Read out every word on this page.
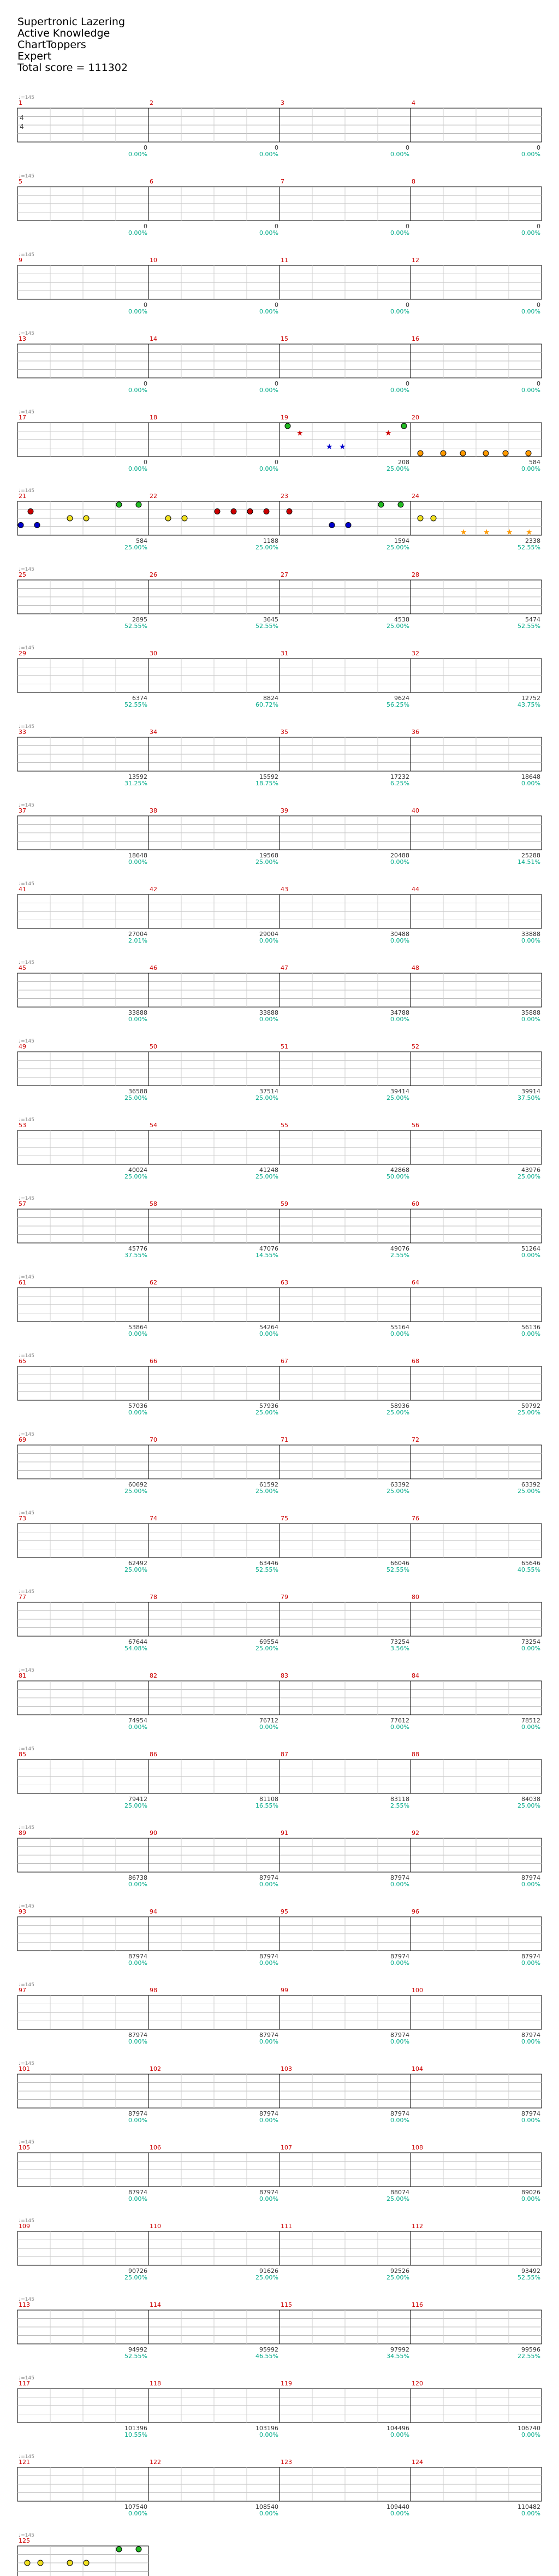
Supertronic Lazering
Active Knowledge
ChartToppers
Expert
Total score = 111302
1
♩=145
0
0.00%
2
0
0.00%
3
0
0.00%
4
0
0.00%
5
♩=145
0
0.00%
6
0
0.00%
7
0
0.00%
8
0
0.00%
9
♩=145
0
0.00%
10
0
0.00%
11
0
0.00%
12
0
0.00%
13
♩=145
0
0.00%
14
0
0.00%
15
0
0.00%
16
0
0.00%
17
♩=145
0
0.00%
18
0
0.00%
19
208
25.00%
20
584
0.00%
21
♩=145
584
25.00%
22
1188
25.00%
23
1594
25.00%
24
2338
52.55%
25
♩=145
2895
52.55%
26
3645
52.55%
27
4538
25.00%
28
5474
52.55%
29
♩=145
6374
52.55%
30
8824
60.72%
31
9624
56.25%
32
12752
43.75%
33
♩=145
13592
31.25%
34
15592
18.75%
35
17232
6.25%
36
18648
0.00%
37
♩=145
18648
0.00%
38
19568
25.00%
39
20488
0.00%
40
25288
14.51%
41
♩=145
27004
2.01%
42
29004
0.00%
43
30488
0.00%
44
33888
0.00%
45
♩=145
33888
0.00%
46
33888
0.00%
47
34788
0.00%
48
35888
0.00%
49
♩=145
36588
25.00%
50
37514
25.00%
51
39414
25.00%
52
39914
37.50%
53
♩=145
40024
25.00%
54
41248
25.00%
55
42868
50.00%
56
43976
25.00%
57
♩=145
45776
37.55%
58
47076
14.55%
59
49076
2.55%
60
51264
0.00%
61
♩=145
53864
0.00%
62
54264
0.00%
63
55164
0.00%
64
56136
0.00%
65
♩=145
57036
0.00%
66
57936
25.00%
67
58936
25.00%
68
59792
25.00%
69
♩=145
60692
25.00%
70
61592
25.00%
71
63392
25.00%
72
63392
25.00%
73
♩=145
62492
25.00%
74
63446
52.55%
75
66046
52.55%
76
65646
40.55%
77
♩=145
67644
54.08%
78
69554
25.00%
79
73254
3.56%
80
73254
0.00%
81
♩=145
74954
0.00%
82
76712
0.00%
83
77612
0.00%
84
78512
0.00%
85
♩=145
79412
25.00%
86
81108
16.55%
87
83118
2.55%
88
84038
25.00%
89
♩=145
86738
0.00%
90
87974
0.00%
91
87974
0.00%
92
87974
0.00%
93
♩=145
87974
0.00%
94
87974
0.00%
95
87974
0.00%
96
87974
0.00%
97
♩=145
87974
0.00%
98
87974
0.00%
99
87974
0.00%
100
87974
0.00%
101
♩=145
87974
0.00%
102
87974
0.00%
103
87974
0.00%
104
87974
0.00%
105
♩=145
87974
0.00%
106
87974
0.00%
107
88074
25.00%
108
89026
0.00%
109
♩=145
90726
25.00%
110
91626
25.00%
111
92526
25.00%
112
93492
52.55%
113
♩=145
94992
52.55%
114
95992
46.55%
115
97992
34.55%
116
99596
22.55%
117
♩=145
101396
10.55%
118
103196
0.00%
119
104496
0.00%
120
106740
0.00%
121
♩=145
107540
0.00%
122
108540
0.00%
123
109440
0.00%
124
110482
0.00%
125
♩=145
4
4
★
★ ★
★
★ ★ ★ ★
